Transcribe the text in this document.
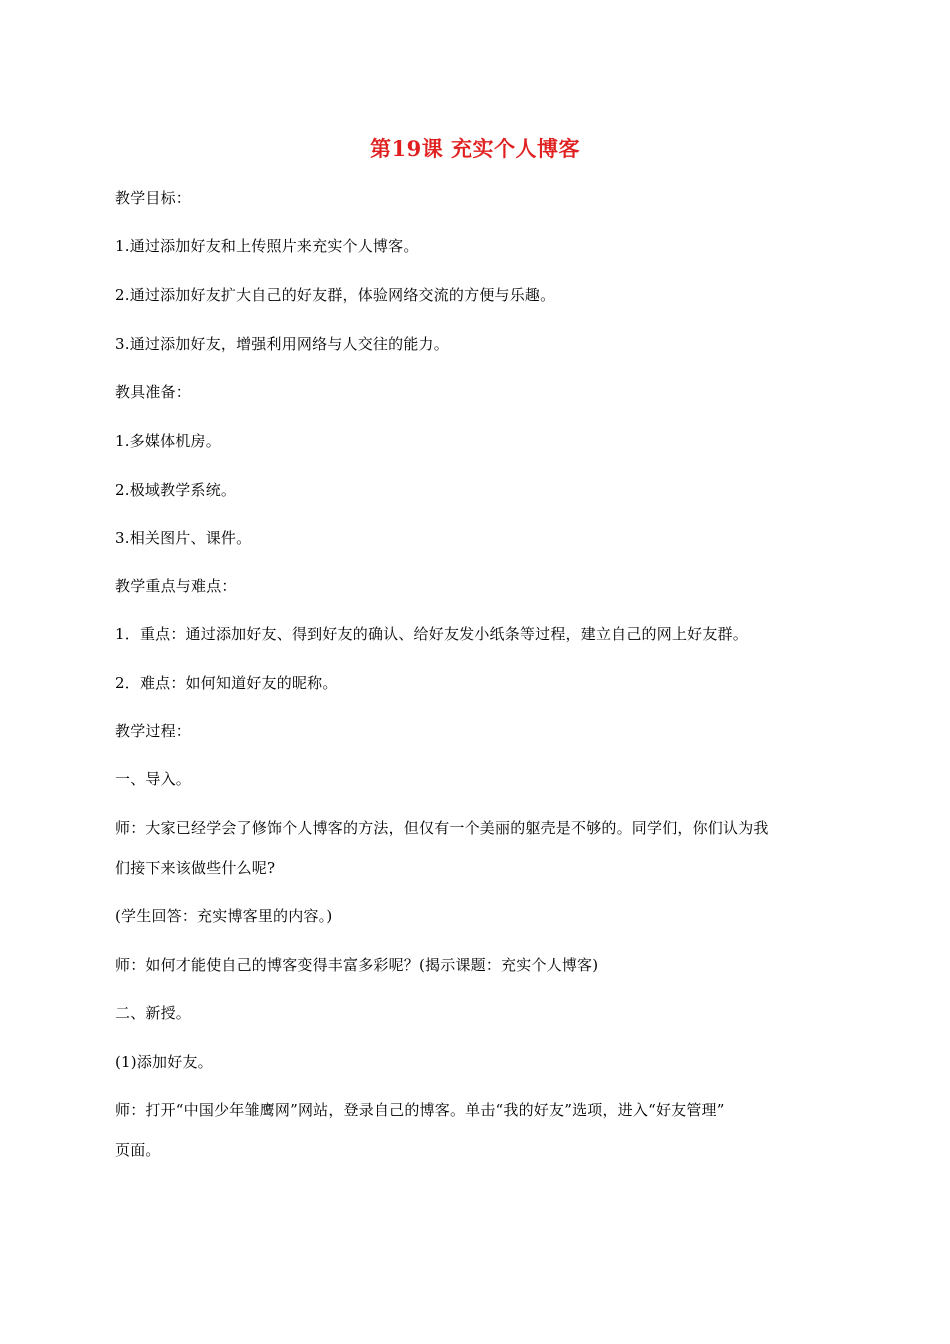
第19课 充实个人博客
教学目标：
1.通过添加好友和上传照片来充实个人博客。
2.通过添加好友扩大自己的好友群，体验网络交流的方便与乐趣。
3.通过添加好友，增强利用网络与人交往的能力。
教具准备：
1.多媒体机房。
2.极域教学系统。
3.相关图片、课件。
教学重点与难点：
1．重点：通过添加好友、得到好友的确认、给好友发小纸条等过程，建立自己的网上好友群。
2．难点：如何知道好友的昵称。
教学过程：
一、导入。
师：大家已经学会了修饰个人博客的方法，但仅有一个美丽的躯壳是不够的。同学们，你们认为我
们接下来该做些什么呢?
(学生回答：充实博客里的内容。)
师：如何才能使自己的博客变得丰富多彩呢？(揭示课题：充实个人博客)
二、新授。
(1)添加好友。
师：打开“中国少年雏鹰网”网站，登录自己的博客。单击“我的好友”选项，进入“好友管理”
页面。
